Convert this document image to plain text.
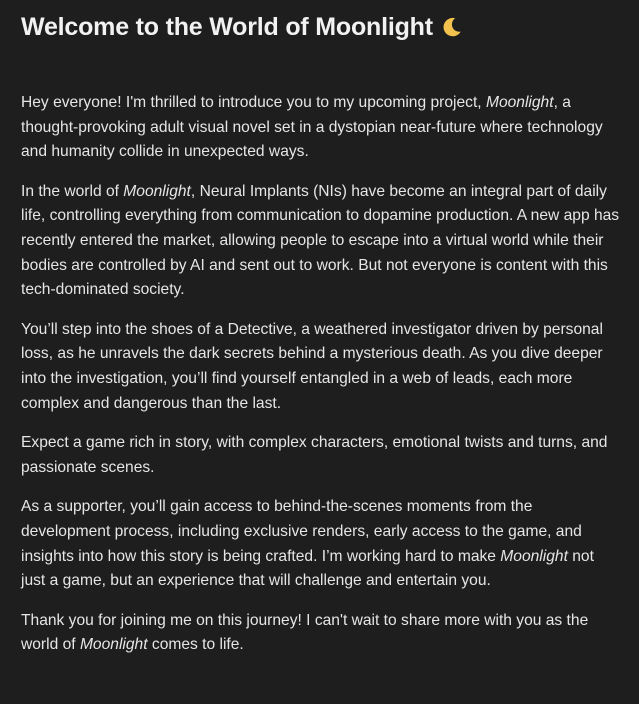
Welcome to the World of Moonlight

Hey everyone! I'm thrilled to introduce you to my upcoming project, Moonlight, a thought-provoking adult visual novel set in a dystopian near-future where technology and humanity collide in unexpected ways.

In the world of Moonlight, Neural Implants (NIs) have become an integral part of daily life, controlling everything from communication to dopamine production. A new app has recently entered the market, allowing people to escape into a virtual world while their bodies are controlled by AI and sent out to work. But not everyone is content with this tech-dominated society.

You’ll step into the shoes of a Detective, a weathered investigator driven by personal loss, as he unravels the dark secrets behind a mysterious death. As you dive deeper into the investigation, you’ll find yourself entangled in a web of leads, each more complex and dangerous than the last.

Expect a game rich in story, with complex characters, emotional twists and turns, and passionate scenes.

As a supporter, you’ll gain access to behind-the-scenes moments from the development process, including exclusive renders, early access to the game, and insights into how this story is being crafted. I’m working hard to make Moonlight not just a game, but an experience that will challenge and entertain you.

Thank you for joining me on this journey! I can't wait to share more with you as the world of Moonlight comes to life.
